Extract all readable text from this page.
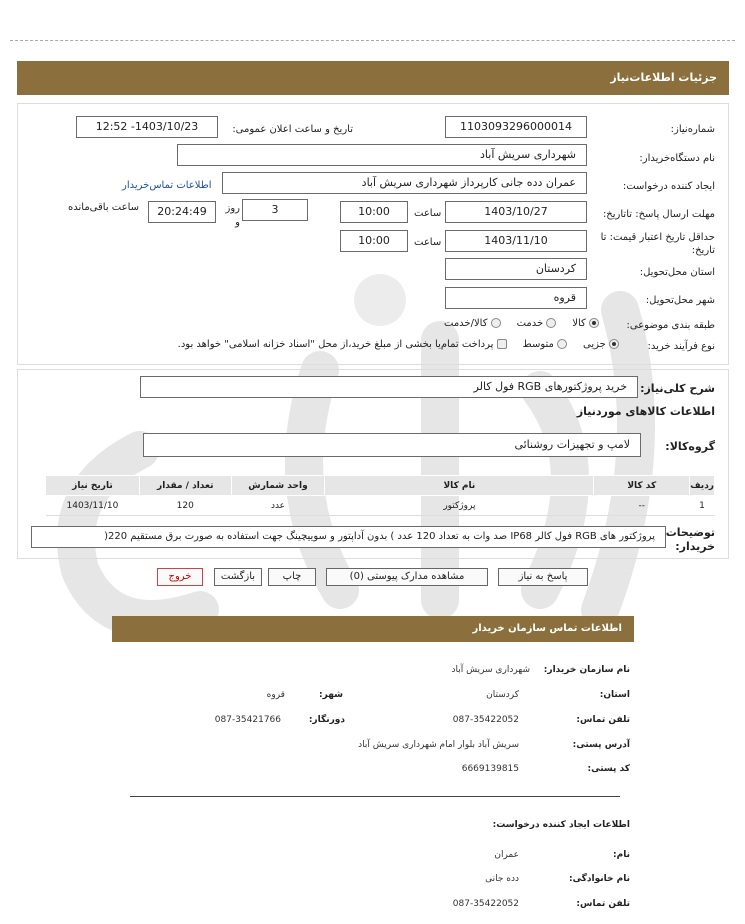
جزئیات اطلاعات‌نیاز
شماره‌نیاز:
1103093296000014
تاریخ و ساعت اعلان عمومی:
1403/10/23- 12:52
نام دستگاه‌خریدار:
شهرداری سریش آباد
ایجاد کننده درخواست:
عمران دده جانی کارپرداز شهرداری سریش آباد
اطلاعات تماس‌خریدار
مهلت ارسال پاسخ: تاتاریخ:
1403/10/27
ساعت
10:00
3
روز و
20:24:49
ساعت باقی‌مانده
حداقل تاریخ اعتبار قیمت: تا تاریخ:
1403/11/10
ساعت
10:00
استان محل‌تحویل:
کردستان
شهر محل‌تحویل:
قروه
طبقه بندی موضوعی:
کالا      خدمت      کالا/خدمت
نوع فرآیند خرید:
جزیی      متوسط      پرداخت تمام‌یا بخشی از مبلغ خرید،از محل "اسناد خزانه اسلامی" خواهد بود.
شرح کلی‌نیاز:
خرید پروژکتورهای RGB فول کالر
اطلاعات کالاهای موردنیاز
گروه‌کالا:
لامپ و تجهیزات روشنائی
ردیف	کد کالا	نام کالا	واحد شمارش	تعداد / مقدار	تاریخ نیاز
1	--	پروژکتور	عدد	120	1403/11/10
توضیحات خریدار:
پروژکتور های RGB فول کالر IP68 صد وات به تعداد 120 عدد ) بدون آداپتور و سوییچینگ جهت استفاده به صورت برق مستقیم 220(
پاسخ به نیاز
مشاهده مدارک پیوستی (0)
چاپ
بازگشت
خروج
اطلاعات تماس سازمان خریدار
نام سازمان خریدار:
شهرداری سریش آباد
استان:
کردستان
شهر:
قروه
تلفن تماس:
087-35422052
دورنگار:
087-35421766
آدرس پستی:
سریش آباد بلوار امام شهرداری سریش آباد
کد پستی:
6669139815
اطلاعات ایجاد کننده درخواست:
نام:
عمران
نام خانوادگی:
دده جانی
تلفن تماس:
087-35422052
